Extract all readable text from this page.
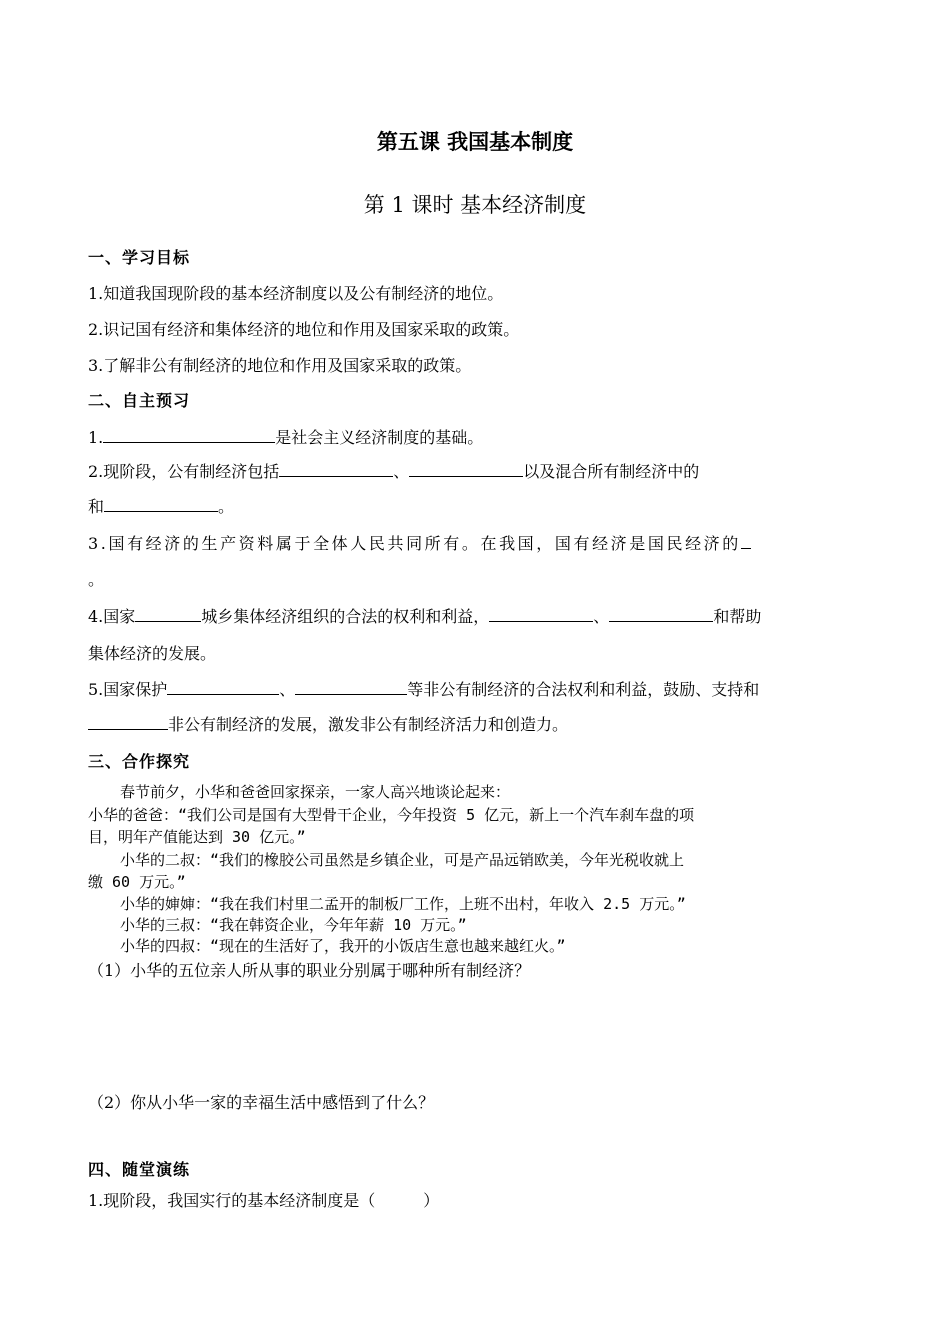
第五课 我国基本制度
第 1 课时 基本经济制度
一、学习目标
1.知道我国现阶段的基本经济制度以及公有制经济的地位。
2.识记国有经济和集体经济的地位和作用及国家采取的政策。
3.了解非公有制经济的地位和作用及国家采取的政策。
二、自主预习
1.	是社会主义经济制度的基础。
2.现阶段，公有制经济包括	、	以及混合所有制经济中的
和	。
3.国有经济的生产资料属于全体人民共同所有。在我国，国有经济是国民经济的
。
4.国家	城乡集体经济组织的合法的权利和利益，	、	和帮助
集体经济的发展。
5.国家保护	、	等非公有制经济的合法权利和利益，鼓励、支持和
非公有制经济的发展，激发非公有制经济活力和创造力。
三、合作探究
春节前夕，小华和爸爸回家探亲，一家人高兴地谈论起来：
小华的爸爸：“我们公司是国有大型骨干企业，今年投资 5 亿元，新上一个汽车刹车盘的项
目，明年产值能达到 30 亿元。”
小华的二叔：“我们的橡胶公司虽然是乡镇企业，可是产品远销欧美，今年光税收就上
缴 60 万元。”
小华的婶婶：“我在我们村里二孟开的制板厂工作，上班不出村，年收入 2.5 万元。”
小华的三叔：“我在韩资企业，今年年薪 10 万元。”
小华的四叔：“现在的生活好了，我开的小饭店生意也越来越红火。”
（1）小华的五位亲人所从事的职业分别属于哪种所有制经济？
（2）你从小华一家的幸福生活中感悟到了什么？
四、随堂演练
1.现阶段，我国实行的基本经济制度是（　　　）
